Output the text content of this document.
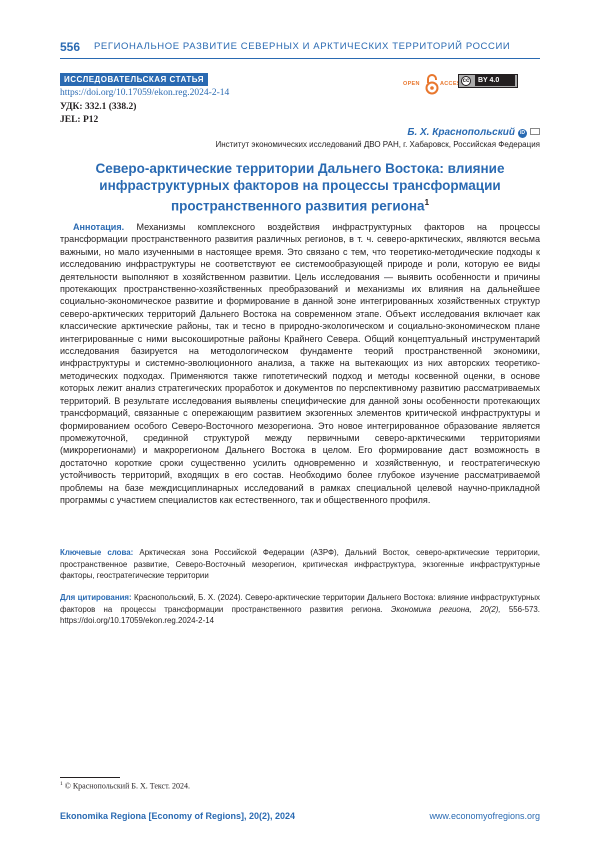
556 РЕГИОНАЛЬНОЕ РАЗВИТИЕ СЕВЕРНЫХ И АРКТИЧЕСКИХ ТЕРРИТОРИЙ РОССИИ
ИССЛЕДОВАТЕЛЬСКАЯ СТАТЬЯ
https://doi.org/10.17059/ekon.reg.2024-2-14
УДК: 332.1 (338.2)
JEL: P12
OPEN	ACCESS
cc	BY 4.0
Б. Х. Краснопольский iD
Институт экономических исследований ДВО РАН, г. Хабаровск, Российская Федерация
Северо-арктические территории Дальнего Востока: влияние инфраструктурных факторов на процессы трансформации пространственного развития региона1
Аннотация. Механизмы комплексного воздействия инфраструктурных факторов на процессы трансформации пространственного развития различных регионов, в т. ч. северо-арктических, являются весьма важными, но мало изученными в настоящее время. Это связано с тем, что теоретико-методические подходы к исследованию инфраструктуры не соответствуют ее системообразующей природе и роли, которую ее виды деятельности выполняют в хозяйственном развитии. Цель исследования — выявить особенности и причины протекающих пространственно-хозяйственных преобразований и механизмы их влияния на дальнейшее социально-экономическое развитие и формирование в данной зоне интегрированных хозяйственных структур северо-арктических территорий Дальнего Востока на современном этапе. Объект исследования включает как классические арктические районы, так и тесно в природно-экологическом и социально-экономическом плане интегрированные с ними высокоширотные районы Крайнего Севера. Общий концептуальный инструментарий исследования базируется на методологическом фундаменте теорий пространственной экономики, инфраструктуры и системно-эволюционного анализа, а также на вытекающих из них авторских теоретико-методических подходах. Применяются также гипотетический подход и методы косвенной оценки, в основе которых лежит анализ стратегических проработок и документов по перспективному развитию рассматриваемых территорий. В результате исследования выявлены специфические для данной зоны особенности протекающих трансформаций, связанные с опережающим развитием экзогенных элементов критической инфраструктуры и формированием особого Северо-Восточного мезорегиона. Это новое интегрированное образование является промежуточной, срединной структурой между первичными северо-арктическими территориями (микрорегионами) и макрорегионом Дальнего Востока в целом. Его формирование даст возможность в достаточно короткие сроки существенно усилить одновременно и хозяйственную, и геостратегическую устойчивость территорий, входящих в его состав. Необходимо более глубокое изучение рассматриваемой проблемы на базе междисциплинарных исследований в рамках специальной целевой научно-прикладной программы с участием специалистов как естественного, так и общественного профиля.
Ключевые слова: Арктическая зона Российской Федерации (АЗРФ), Дальний Восток, северо-арктические территории, пространственное развитие, Северо-Восточный мезорегион, критическая инфраструктура, экзогенные инфраструктурные факторы, геостратегические территории
Для цитирования: Краснопольский, Б. Х. (2024). Северо-арктические территории Дальнего Востока: влияние инфраструктурных факторов на процессы трансформации пространственного развития региона. Экономика региона, 20(2), 556-573. https://doi.org/10.17059/ekon.reg.2024-2-14
1 © Краснопольский Б. Х. Текст. 2024.
Ekonomika Regiona [Economy of Regions], 20(2), 2024	www.economyofregions.org
